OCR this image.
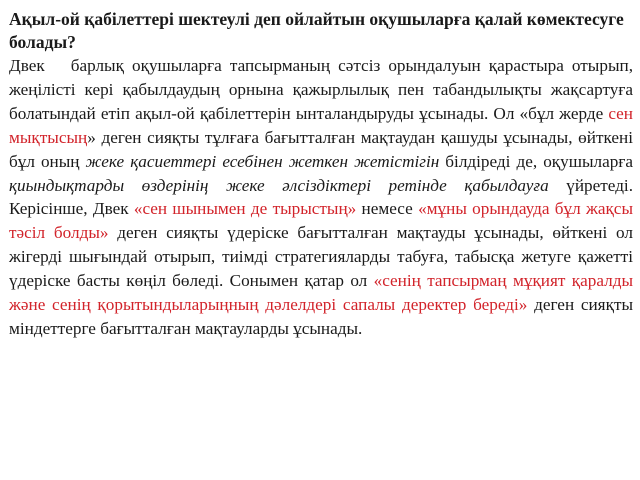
Ақыл-ой қабілеттері шектеулі деп ойлайтын оқушыларға қалай көмектесуге болады?

Двек барлық оқушыларға тапсырманың сәтсіз орындалуын қарастыра отырып, жеңілісті кері қабылдаудың орнына қажырлылық пен табандылықты жақсартуға болатындай етіп ақыл-ой қабілеттерін ынталандыруды ұсынады. Ол «бұл жерде сен мықтысың» деген сияқты тұлғаға бағытталған мақтаудан қашуды ұсынады, өйткені бұл оның жеке қасиеттері есебінен жеткен жетістігін білдіреді де, оқушыларға қиындықтарды өздерінің жеке әлсіздіктері ретінде қабылдауға үйретеді. Керісінше, Двек «сен шынымен де тырыстың» немесе «мұны орындауда бұл жақсы тәсіл болды» деген сияқты үдеріске бағытталған мақтауды ұсынады, өйткені ол жігерді шығындай отырып, тиімді стратегияларды табуға, табысқа жетуге қажетті үдеріске басты көңіл бөледі. Сонымен қатар ол «сенің тапсырмаң мұқият қаралды және сенің қорытындыларыңның дәлелдері сапалы деректер береді» деген сияқты міндеттерге бағытталған мақтауларды ұсынады.
